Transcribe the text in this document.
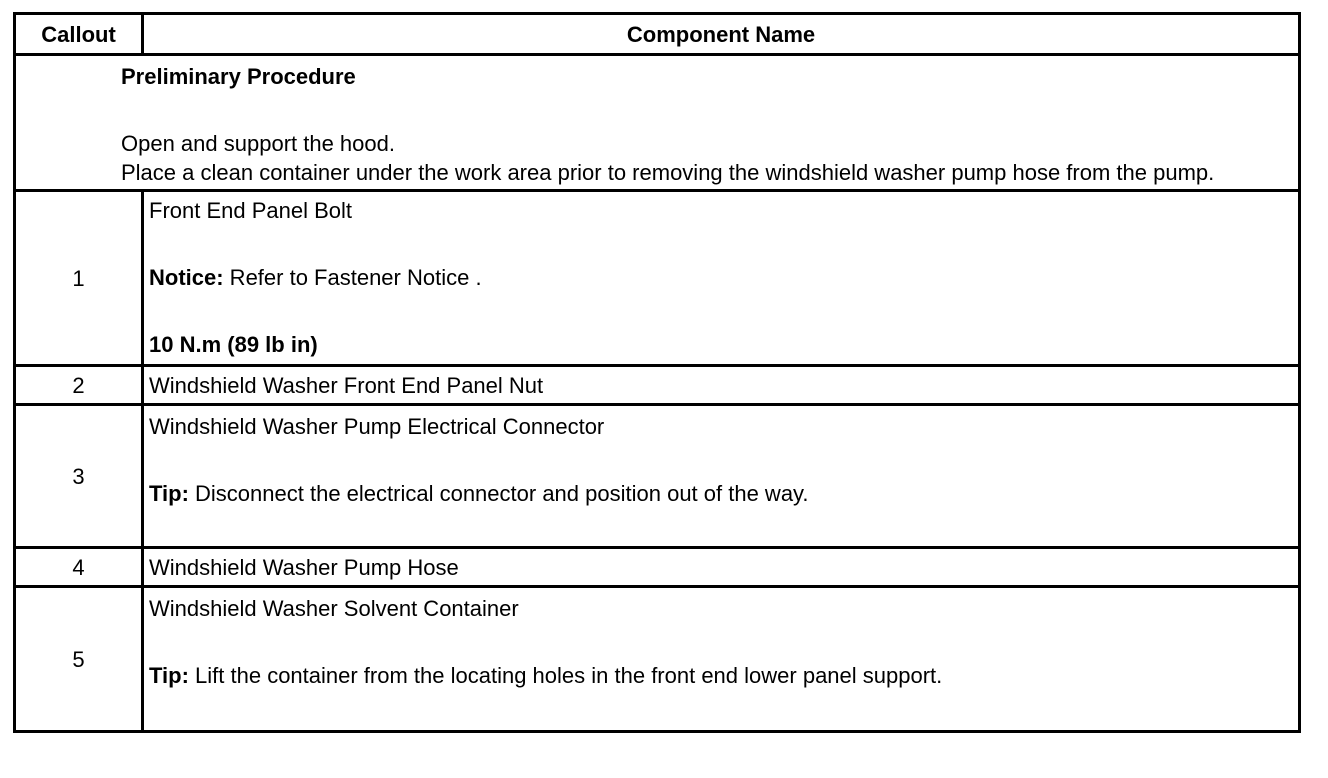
Callout	Component Name

Preliminary Procedure
Open and support the hood.
Place a clean container under the work area prior to removing the windshield washer pump hose from the pump.	

1	Front End Panel Bolt
Notice: Refer to Fastener Notice .
10 N.m (89 lb in)

2	Windshield Washer Front End Panel Nut
3	Windshield Washer Pump Electrical Connector
Tip: Disconnect the electrical connector and position out of the way.

4	Windshield Washer Pump Hose
5	Windshield Washer Solvent Container
Tip: Lift the container from the locating holes in the front end lower panel support.
